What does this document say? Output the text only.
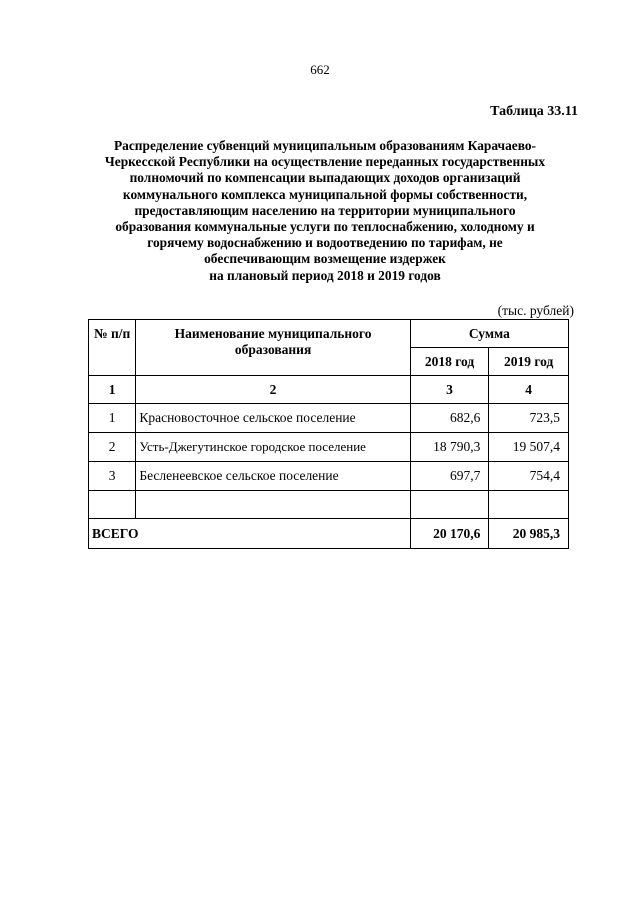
662
Таблица 33.11
Распределение субвенций муниципальным образованиям Карачаево-
Черкесской Республики на осуществление переданных государственных
полномочий по компенсации выпадающих доходов организаций
коммунального комплекса муниципальной формы собственности,
предоставляющим населению на территории муниципального
образования коммунальные услуги по теплоснабжению, холодному и
горячему водоснабжению и водоотведению по тарифам, не
обеспечивающим возмещение издержек
на плановый период 2018 и 2019 годов
(тыс. рублей)
№ п/п	Наименование муниципального образования	Сумма	
		2018 год	2019 год
1	2	3	4
1	Красновосточное сельское поселение	682,6	723,5
2	Усть-Джегутинское городское поселение	18 790,3	19 507,4
3	Бесленеевское сельское поселение	697,7	754,4

ВСЕГО		20 170,6	20 985,3
